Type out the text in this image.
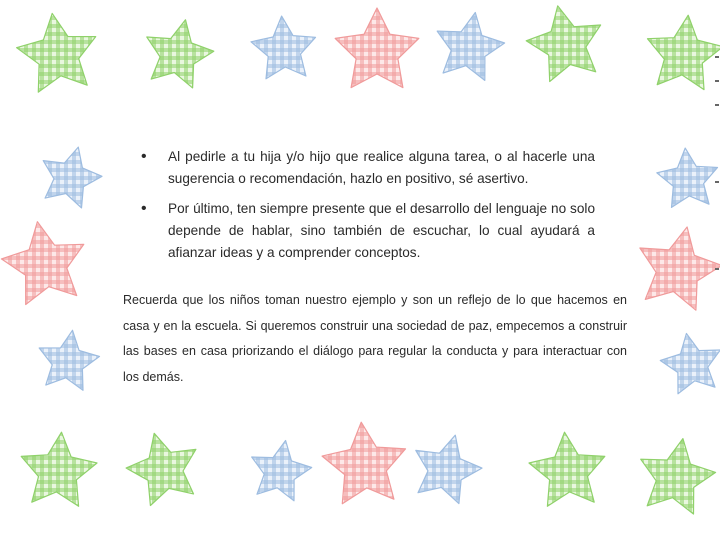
• Al pedirle a tu hija y/o hijo que realice alguna tarea, o al hacerle una sugerencia o recomendación, hazlo en positivo, sé asertivo.
• Por último, ten siempre presente que el desarrollo del lenguaje no solo depende de hablar, sino también de escuchar, lo cual ayudará a afianzar ideas y a comprender conceptos.

Recuerda que los niños toman nuestro ejemplo y son un reflejo de lo que hacemos en casa y en la escuela. Si queremos construir una sociedad de paz, empecemos a construir las bases en casa priorizando el diálogo para regular la conducta y para interactuar con los demás.
